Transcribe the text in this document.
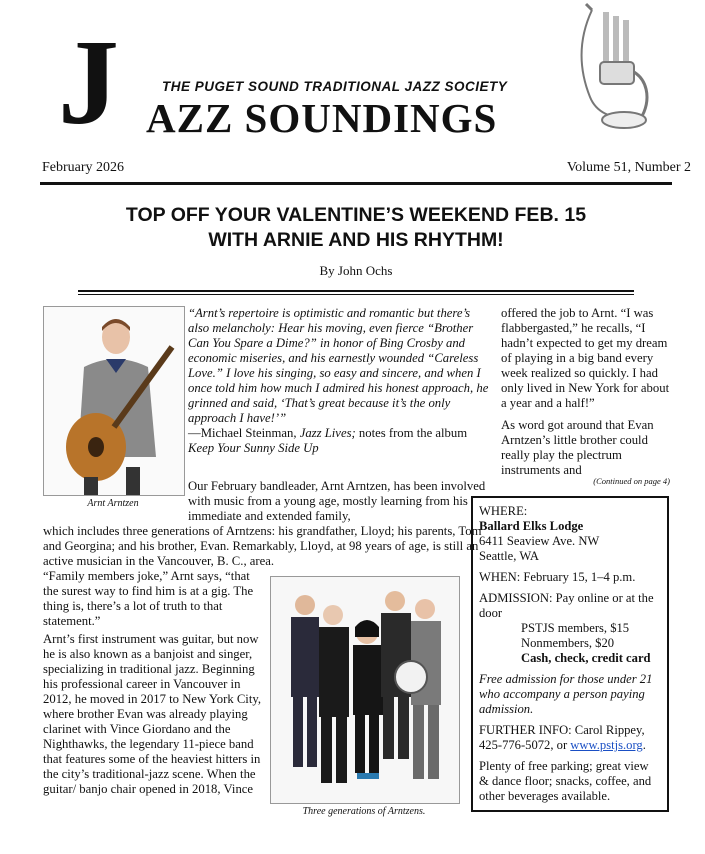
J	THE PUGET SOUND TRADITIONAL JAZZ SOCIETY
AZZ SOUNDINGS
February 2026	Volume 51, Number 2
TOP OFF YOUR VALENTINE’S WEEKEND FEB. 15
WITH ARNIE AND HIS RHYTHM!
By John Ochs
Arnt Arntzen
“Arnt’s repertoire is optimistic and romantic but there’s also melancholy: Hear his moving, even fierce “Brother Can You Spare a Dime?” in honor of Bing Crosby and economic miseries, and his earnestly wounded “Careless Love.” I love his singing, so easy and sincere, and when I once told him how much I admired his honest approach, he grinned and said, ‘That’s great because it’s the only approach I have!’”
—Michael Steinman, Jazz Lives; notes from the album Keep Your Sunny Side Up

Our February bandleader, Arnt Arntzen, has been involved with music from a young age, mostly learning from his immediate and extended family,

which includes three generations of Arntzens: his grandfather, Lloyd; his parents, Tom and Georgina; and his brother, Evan. Remarkably, Lloyd, at 98 years of age, is still an active musician in the Vancouver, B. C., area.

“Family members joke,” Arnt says, “that the surest way to find him is at a gig. The thing is, there’s a lot of truth to that statement.”

Arnt’s first instrument was guitar, but now he is also known as a banjoist and singer, specializing in traditional jazz. Beginning his professional career in Vancouver in 2012, he moved in 2017 to New York City, where brother Evan was already playing clarinet with Vince Giordano and the Nighthawks, the legendary 11-piece band that features some of the heaviest hitters in the city’s traditional-jazz scene. When the guitar/ banjo chair opened in 2018, Vince

Three generations of Arntzens.

offered the job to Arnt. “I was flabbergasted,” he recalls, “I hadn’t expected to get my dream of playing in a big band every week realized so quickly. I had only lived in New York for about a year and a half!”

As word got around that Evan Arntzen’s little brother could really play the plectrum instruments and

(Continued on page 4)

WHERE:
Ballard Elks Lodge
6411 Seaview Ave. NW
Seattle, WA

WHEN: February 15, 1–4 p.m.

ADMISSION: Pay online or at the door
PSTJS members, $15
Nonmembers, $20
Cash, check, credit card

Free admission for those under 21 who accompany a person paying admission.

FURTHER INFO: Carol Rippey, 425-776-5072, or www.pstjs.org.

Plenty of free parking; great view & dance floor; snacks, coffee, and other beverages available.
